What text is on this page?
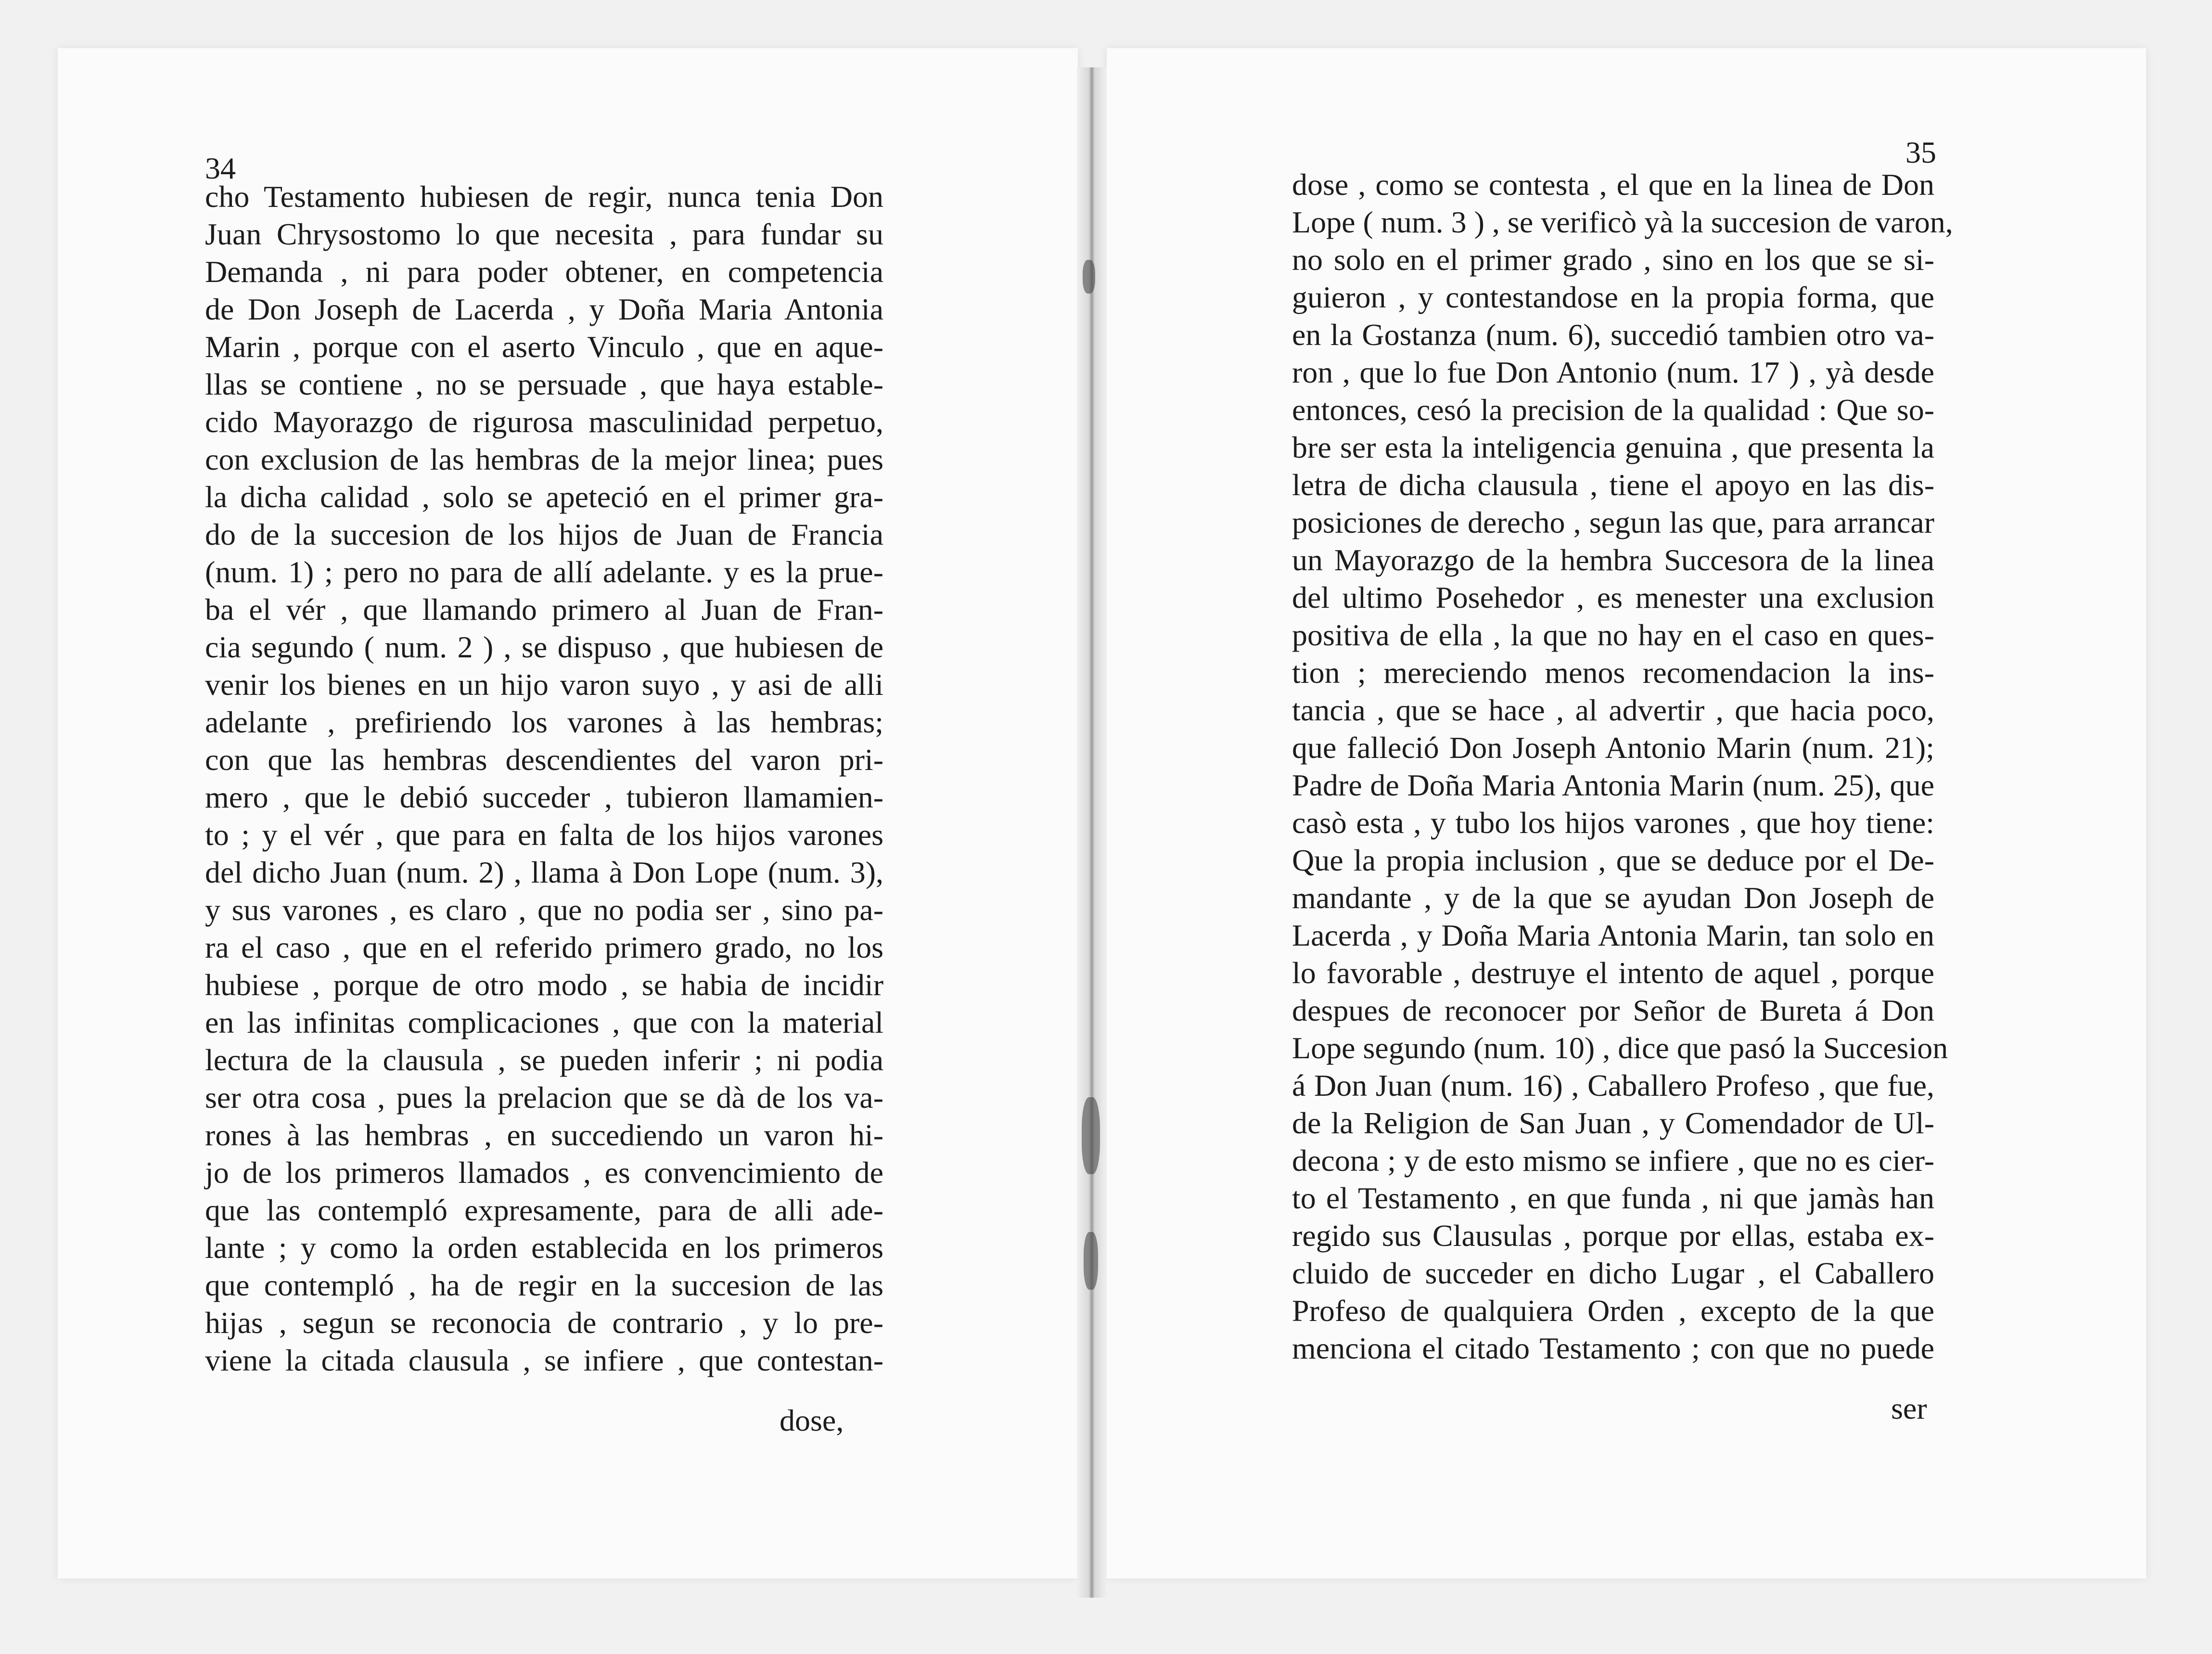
34
cho Testamento hubiesen de regir, nunca tenia Don
Juan Chrysostomo lo que necesita , para fundar su
Demanda , ni para poder obtener, en competencia
de Don Joseph de Lacerda , y Doña Maria Antonia
Marin , porque con el aserto Vinculo , que en aque-
llas se contiene , no se persuade , que haya estable-
cido Mayorazgo de rigurosa masculinidad perpetuo,
con exclusion de las hembras de la mejor linea; pues
la dicha calidad , solo se apeteció en el primer gra-
do de la succesion de los hijos de Juan de Francia
(num. 1) ; pero no para de allí adelante. y es la prue-
ba el vér , que llamando primero al Juan de Fran-
cia segundo ( num. 2 ) , se dispuso , que hubiesen de
venir los bienes en un hijo varon suyo , y asi de alli
adelante , prefiriendo los varones à las hembras;
con que las hembras descendientes del varon pri-
mero , que le debió succeder , tubieron llamamien-
to ; y el vér , que para en falta de los hijos varones
del dicho Juan (num. 2) , llama à Don Lope (num. 3),
y sus varones , es claro , que no podia ser , sino pa-
ra el caso , que en el referido primero grado, no los
hubiese , porque de otro modo , se habia de incidir
en las infinitas complicaciones , que con la material
lectura de la clausula , se pueden inferir ; ni podia
ser otra cosa , pues la prelacion que se dà de los va-
rones à las hembras , en succediendo un varon hi-
jo de los primeros llamados , es convencimiento de
que las contempló expresamente, para de alli ade-
lante ; y como la orden establecida en los primeros
que contempló , ha de regir en la succesion de las
hijas , segun se reconocia de contrario , y lo pre-
viene la citada clausula , se infiere , que contestan-
dose,
35
dose , como se contesta , el que en la linea de Don
Lope ( num. 3 ) , se verificò yà la succesion de varon,
no solo en el primer grado , sino en los que se si-
guieron , y contestandose en la propia forma, que
en la Gostanza (num. 6), succedió tambien otro va-
ron , que lo fue Don Antonio (num. 17 ) , yà desde
entonces, cesó la precision de la qualidad : Que so-
bre ser esta la inteligencia genuina , que presenta la
letra de dicha clausula , tiene el apoyo en las dis-
posiciones de derecho , segun las que, para arrancar
un Mayorazgo de la hembra Succesora de la linea
del ultimo Posehedor , es menester una exclusion
positiva de ella , la que no hay en el caso en ques-
tion ; mereciendo menos recomendacion la ins-
tancia , que se hace , al advertir , que hacia poco,
que falleció Don Joseph Antonio Marin (num. 21);
Padre de Doña Maria Antonia Marin (num. 25), que
casò esta , y tubo los hijos varones , que hoy tiene:
Que la propia inclusion , que se deduce por el De-
mandante , y de la que se ayudan Don Joseph de
Lacerda , y Doña Maria Antonia Marin, tan solo en
lo favorable , destruye el intento de aquel , porque
despues de reconocer por Señor de Bureta á Don
Lope segundo (num. 10) , dice que pasó la Succesion
á Don Juan (num. 16) , Caballero Profeso , que fue,
de la Religion de San Juan , y Comendador de Ul-
decona ; y de esto mismo se infiere , que no es cier-
to el Testamento , en que funda , ni que jamàs han
regido sus Clausulas , porque por ellas, estaba ex-
cluido de succeder en dicho Lugar , el Caballero
Profeso de qualquiera Orden , excepto de la que
menciona el citado Testamento ; con que no puede
ser
